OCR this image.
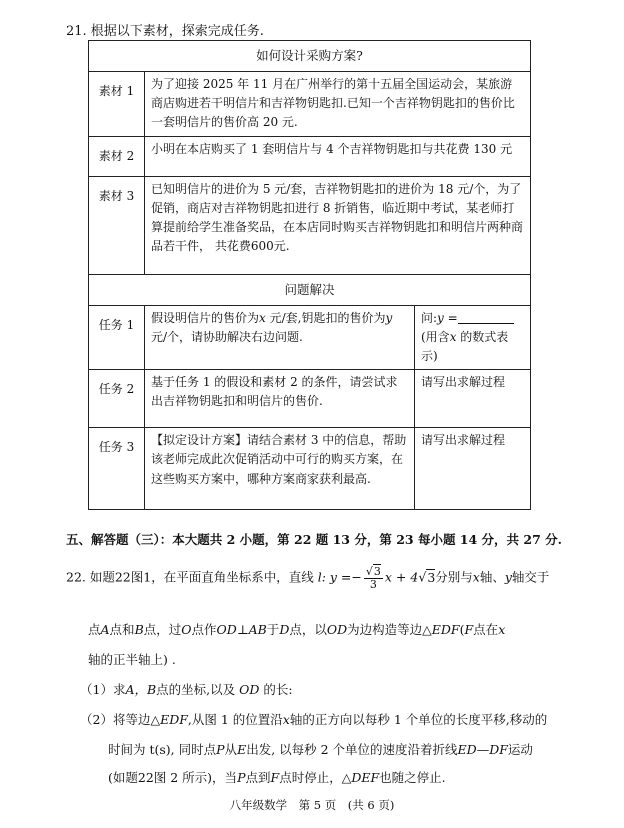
21. 根据以下素材，探索完成任务.
如何设计采购方案?		
素材 1	为了迎接 2025 年 11 月在广州举行的第十五届全国运动会，某旅游商店购进若干明信片和吉祥物钥匙扣.已知一个吉祥物钥匙扣的售价比一套明信片的售价高 20 元.	
素材 2	小明在本店购买了 1 套明信片与 4 个吉祥物钥匙扣与共花费 130 元	
素材 3	已知明信片的进价为 5 元/套，吉祥物钥匙扣的进价为 18 元/个，为了促销，商店对吉祥物钥匙扣进行 8 折销售，临近期中考试，某老师打算提前给学生准备奖品，在本店同时购买吉祥物钥匙扣和明信片两种商品若干件， 共花费600元.	
问题解决		
任务 1	假设明信片的售价为x 元/套,钥匙扣的售价为y 元/个，请协助解决右边问题.	问:y =(用含x 的数式表示)
任务 2	基于任务 1 的假设和素材 2 的条件，请尝试求出吉祥物钥匙扣和明信片的售价.	请写出求解过程
任务 3	【拟定设计方案】请结合素材 3 中的信息，帮助该老师完成此次促销活动中可行的购买方案，在这些购买方案中，哪种方案商家获利最高.	请写出求解过程
五、解答题（三）：本大题共 2 小题，第 22 题 13 分，第 23 每小题 14 分，共 27 分.
22. 如题22图1，在平面直角坐标系中，直线 l: $y =- \frac{√3}{3}$ x + 4√3分别与x轴、y轴交于
点A点和B点，过O点作OD⊥AB于D点，以OD为边构造等边△EDF(F点在x
轴的正半轴上) .
（1）求A，B点的坐标,以及 OD 的长:
（2）将等边△EDF,从图 1 的位置沿x轴的正方向以每秒 1 个单位的长度平移,移动的
时间为 t(s), 同时点P从E出发, 以每秒 2 个单位的速度沿着折线ED—DF运动
(如题22图 2 所示)，当P点到F点时停止，△DEF也随之停止.
八年级数学　第 5 页　(共 6 页)
